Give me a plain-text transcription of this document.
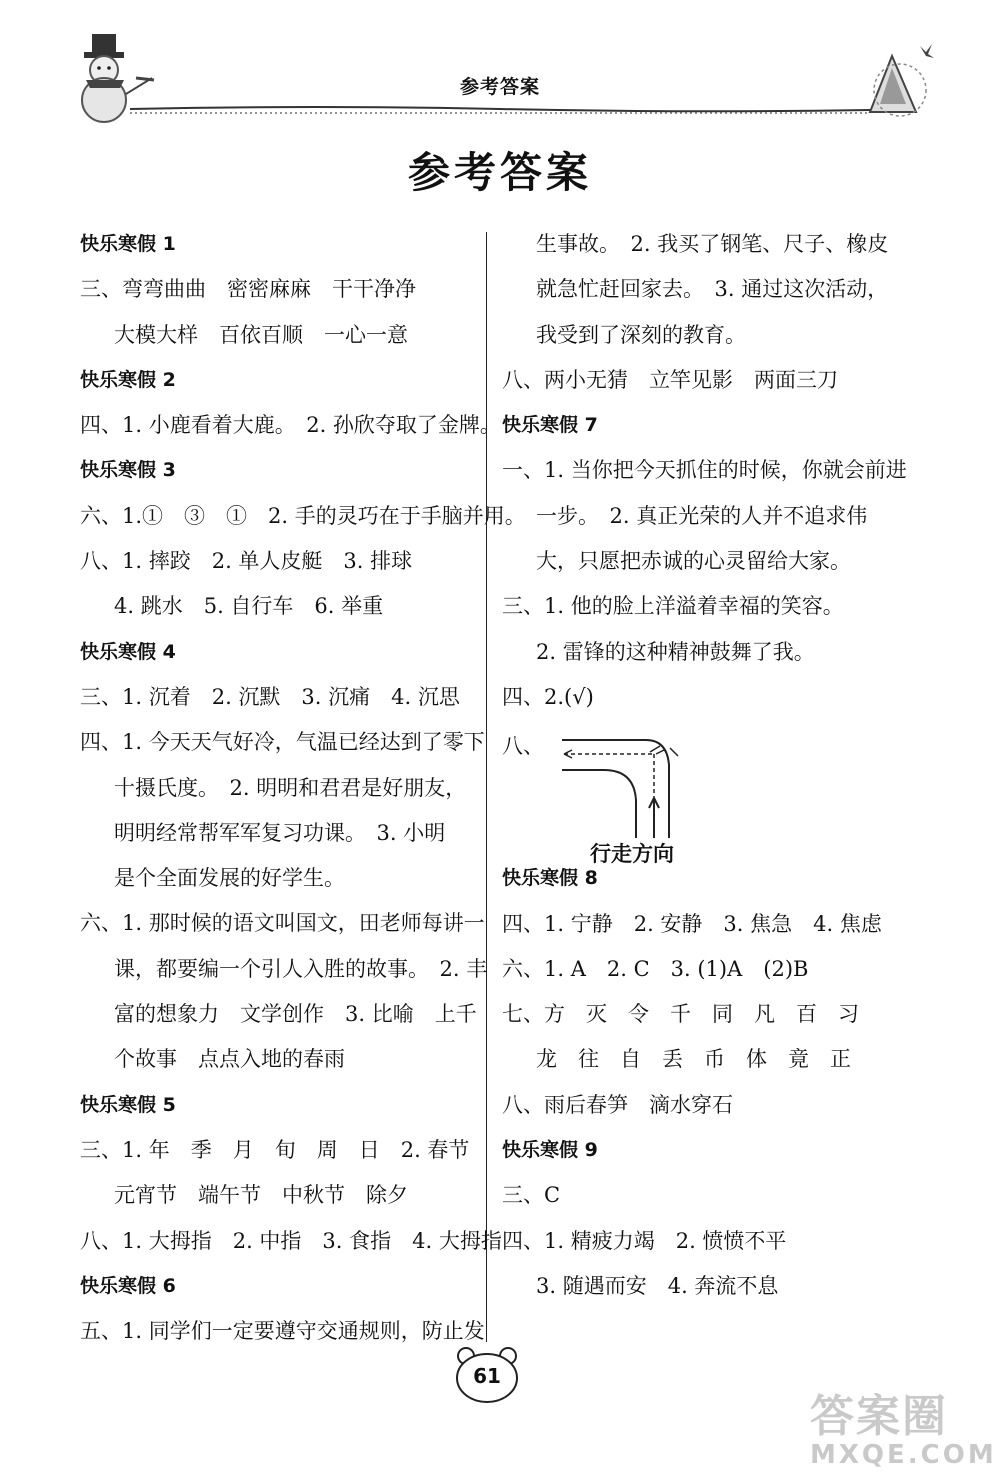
参考答案
参考答案
快乐寒假 1
三、弯弯曲曲　密密麻麻　干干净净
大模大样　百依百顺　一心一意
快乐寒假 2
四、1. 小鹿看着大鹿。　2. 孙欣夺取了金牌。
快乐寒假 3
六、1.①　③　①　2. 手的灵巧在于手脑并用。
八、1. 摔跤　2. 单人皮艇　3. 排球
4. 跳水　5. 自行车　6. 举重
快乐寒假 4
三、1. 沉着　2. 沉默　3. 沉痛　4. 沉思
四、1. 今天天气好冷，气温已经达到了零下
十摄氏度。　2. 明明和君君是好朋友，
明明经常帮军军复习功课。　3. 小明
是个全面发展的好学生。
六、1. 那时候的语文叫国文，田老师每讲一
课，都要编一个引人入胜的故事。　2. 丰
富的想象力　文学创作　3. 比喻　上千
个故事　点点入地的春雨
快乐寒假 5
三、1. 年　季　月　旬　周　日　2. 春节
元宵节　端午节　中秋节　除夕
八、1. 大拇指　2. 中指　3. 食指　4. 大拇指
快乐寒假 6
五、1. 同学们一定要遵守交通规则，防止发
生事故。　2. 我买了钢笔、尺子、橡皮
就急忙赶回家去。　3. 通过这次活动，
我受到了深刻的教育。
八、两小无猜　立竿见影　两面三刀
快乐寒假 7
一、1. 当你把今天抓住的时候，你就会前进
一步。　2. 真正光荣的人并不追求伟
大，只愿把赤诚的心灵留给大家。
三、1. 他的脸上洋溢着幸福的笑容。
2. 雷锋的这种精神鼓舞了我。
四、2.(√)
八、
行走方向
快乐寒假 8
四、1. 宁静　2. 安静　3. 焦急　4. 焦虑
六、1. A　2. C　3. (1)A　(2)B
七、方　灭　令　千　同　凡　百　习
龙　往　自　丢　币　体　竟　正
八、雨后春笋　滴水穿石
快乐寒假 9
三、C
四、1. 精疲力竭　2. 愤愤不平
3. 随遇而安　4. 奔流不息
61
答案圈
MXQE.COM
